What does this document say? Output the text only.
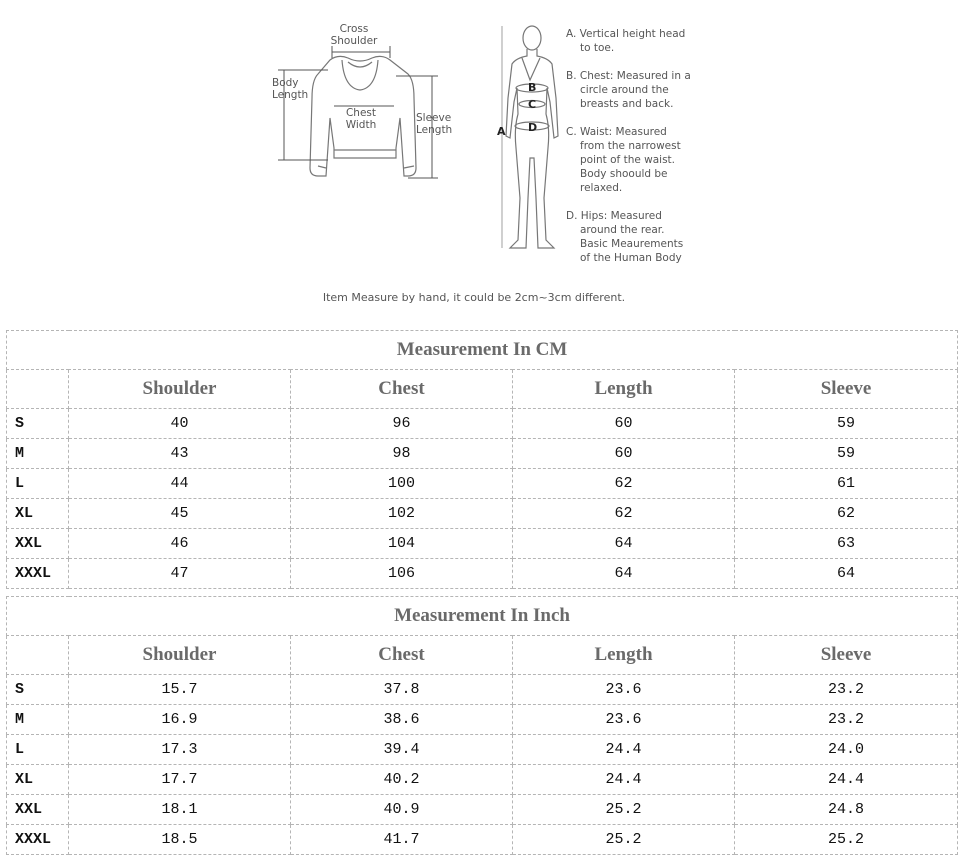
Cross
Shoulder
Body
Length
Chest
Width
Sleeve
Length	A
B
C
D
A. Vertical height head
to toe.
B. Chest: Measured in a
circle around the
breasts and back.
C. Waist: Measured
from the narrowest
point of the waist.
Body shoould be
relaxed.
D. Hips: Measured
around the rear.
Basic Meaurements
of the Human Body
Item Measure by hand, it could be 2cm~3cm different.
Measurement In CM				
	Shoulder	Chest	Length	Sleeve
S	40	96	60	59
M	43	98	60	59
L	44	100	62	61
XL	45	102	62	62
XXL	46	104	64	63
XXXL	47	106	64	64
Measurement In Inch				
	Shoulder	Chest	Length	Sleeve
S	15.7	37.8	23.6	23.2
M	16.9	38.6	23.6	23.2
L	17.3	39.4	24.4	24.0
XL	17.7	40.2	24.4	24.4
XXL	18.1	40.9	25.2	24.8
XXXL	18.5	41.7	25.2	25.2
